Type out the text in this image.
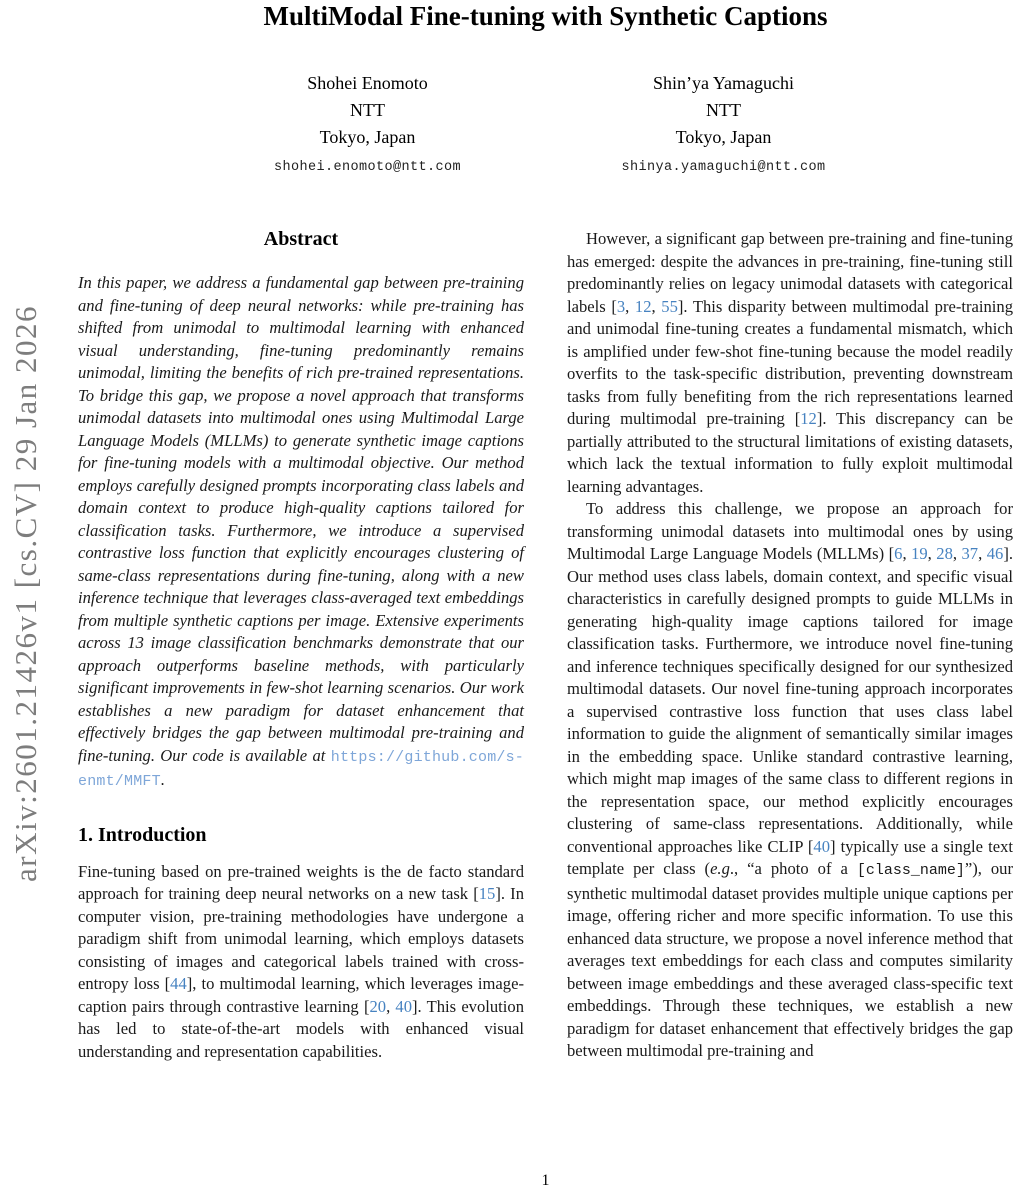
arXiv:2601.21426v1 [cs.CV] 29 Jan 2026
MultiModal Fine-tuning with Synthetic Captions
Shohei Enomoto
NTT
Tokyo, Japan
shohei.enomoto@ntt.com
Shin’ya Yamaguchi
NTT
Tokyo, Japan
shinya.yamaguchi@ntt.com
Abstract

In this paper, we address a fundamental gap between pre-training and fine-tuning of deep neural networks: while pre-training has shifted from unimodal to multimodal learning with enhanced visual understanding, fine-tuning predominantly remains unimodal, limiting the benefits of rich pre-trained representations. To bridge this gap, we propose a novel approach that transforms unimodal datasets into multimodal ones using Multimodal Large Language Models (MLLMs) to generate synthetic image captions for fine-tuning models with a multimodal objective. Our method employs carefully designed prompts incorporating class labels and domain context to produce high-quality captions tailored for classification tasks. Furthermore, we introduce a supervised contrastive loss function that explicitly encourages clustering of same-class representations during fine-tuning, along with a new inference technique that leverages class-averaged text embeddings from multiple synthetic captions per image. Extensive experiments across 13 image classification benchmarks demonstrate that our approach outperforms baseline methods, with particularly significant improvements in few-shot learning scenarios. Our work establishes a new paradigm for dataset enhancement that effectively bridges the gap between multimodal pre-training and fine-tuning. Our code is available at https://github.com/s-enmt/MMFT.

1. Introduction

Fine-tuning based on pre-trained weights is the de facto standard approach for training deep neural networks on a new task [15]. In computer vision, pre-training methodologies have undergone a paradigm shift from unimodal learning, which employs datasets consisting of images and categorical labels trained with cross-entropy loss [44], to multimodal learning, which leverages image-caption pairs through contrastive learning [20, 40]. This evolution has led to state-of-the-art models with enhanced visual understanding and representation capabilities.

However, a significant gap between pre-training and fine-tuning has emerged: despite the advances in pre-training, fine-tuning still predominantly relies on legacy unimodal datasets with categorical labels [3, 12, 55]. This disparity between multimodal pre-training and unimodal fine-tuning creates a fundamental mismatch, which is amplified under few-shot fine-tuning because the model readily overfits to the task-specific distribution, preventing downstream tasks from fully benefiting from the rich representations learned during multimodal pre-training [12]. This discrepancy can be partially attributed to the structural limitations of existing datasets, which lack the textual information to fully exploit multimodal learning advantages.

To address this challenge, we propose an approach for transforming unimodal datasets into multimodal ones by using Multimodal Large Language Models (MLLMs) [6, 19, 28, 37, 46]. Our method uses class labels, domain context, and specific visual characteristics in carefully designed prompts to guide MLLMs in generating high-quality image captions tailored for image classification tasks. Furthermore, we introduce novel fine-tuning and inference techniques specifically designed for our synthesized multimodal datasets. Our novel fine-tuning approach incorporates a supervised contrastive loss function that uses class label information to guide the alignment of semantically similar images in the embedding space. Unlike standard contrastive learning, which might map images of the same class to different regions in the representation space, our method explicitly encourages clustering of same-class representations. Additionally, while conventional approaches like CLIP [40] typically use a single text template per class (e.g., “a photo of a [class_name]”), our synthetic multimodal dataset provides multiple unique captions per image, offering richer and more specific information. To use this enhanced data structure, we propose a novel inference method that averages text embeddings for each class and computes similarity between image embeddings and these averaged class-specific text embeddings. Through these techniques, we establish a new paradigm for dataset enhancement that effectively bridges the gap between multimodal pre-training and

1
